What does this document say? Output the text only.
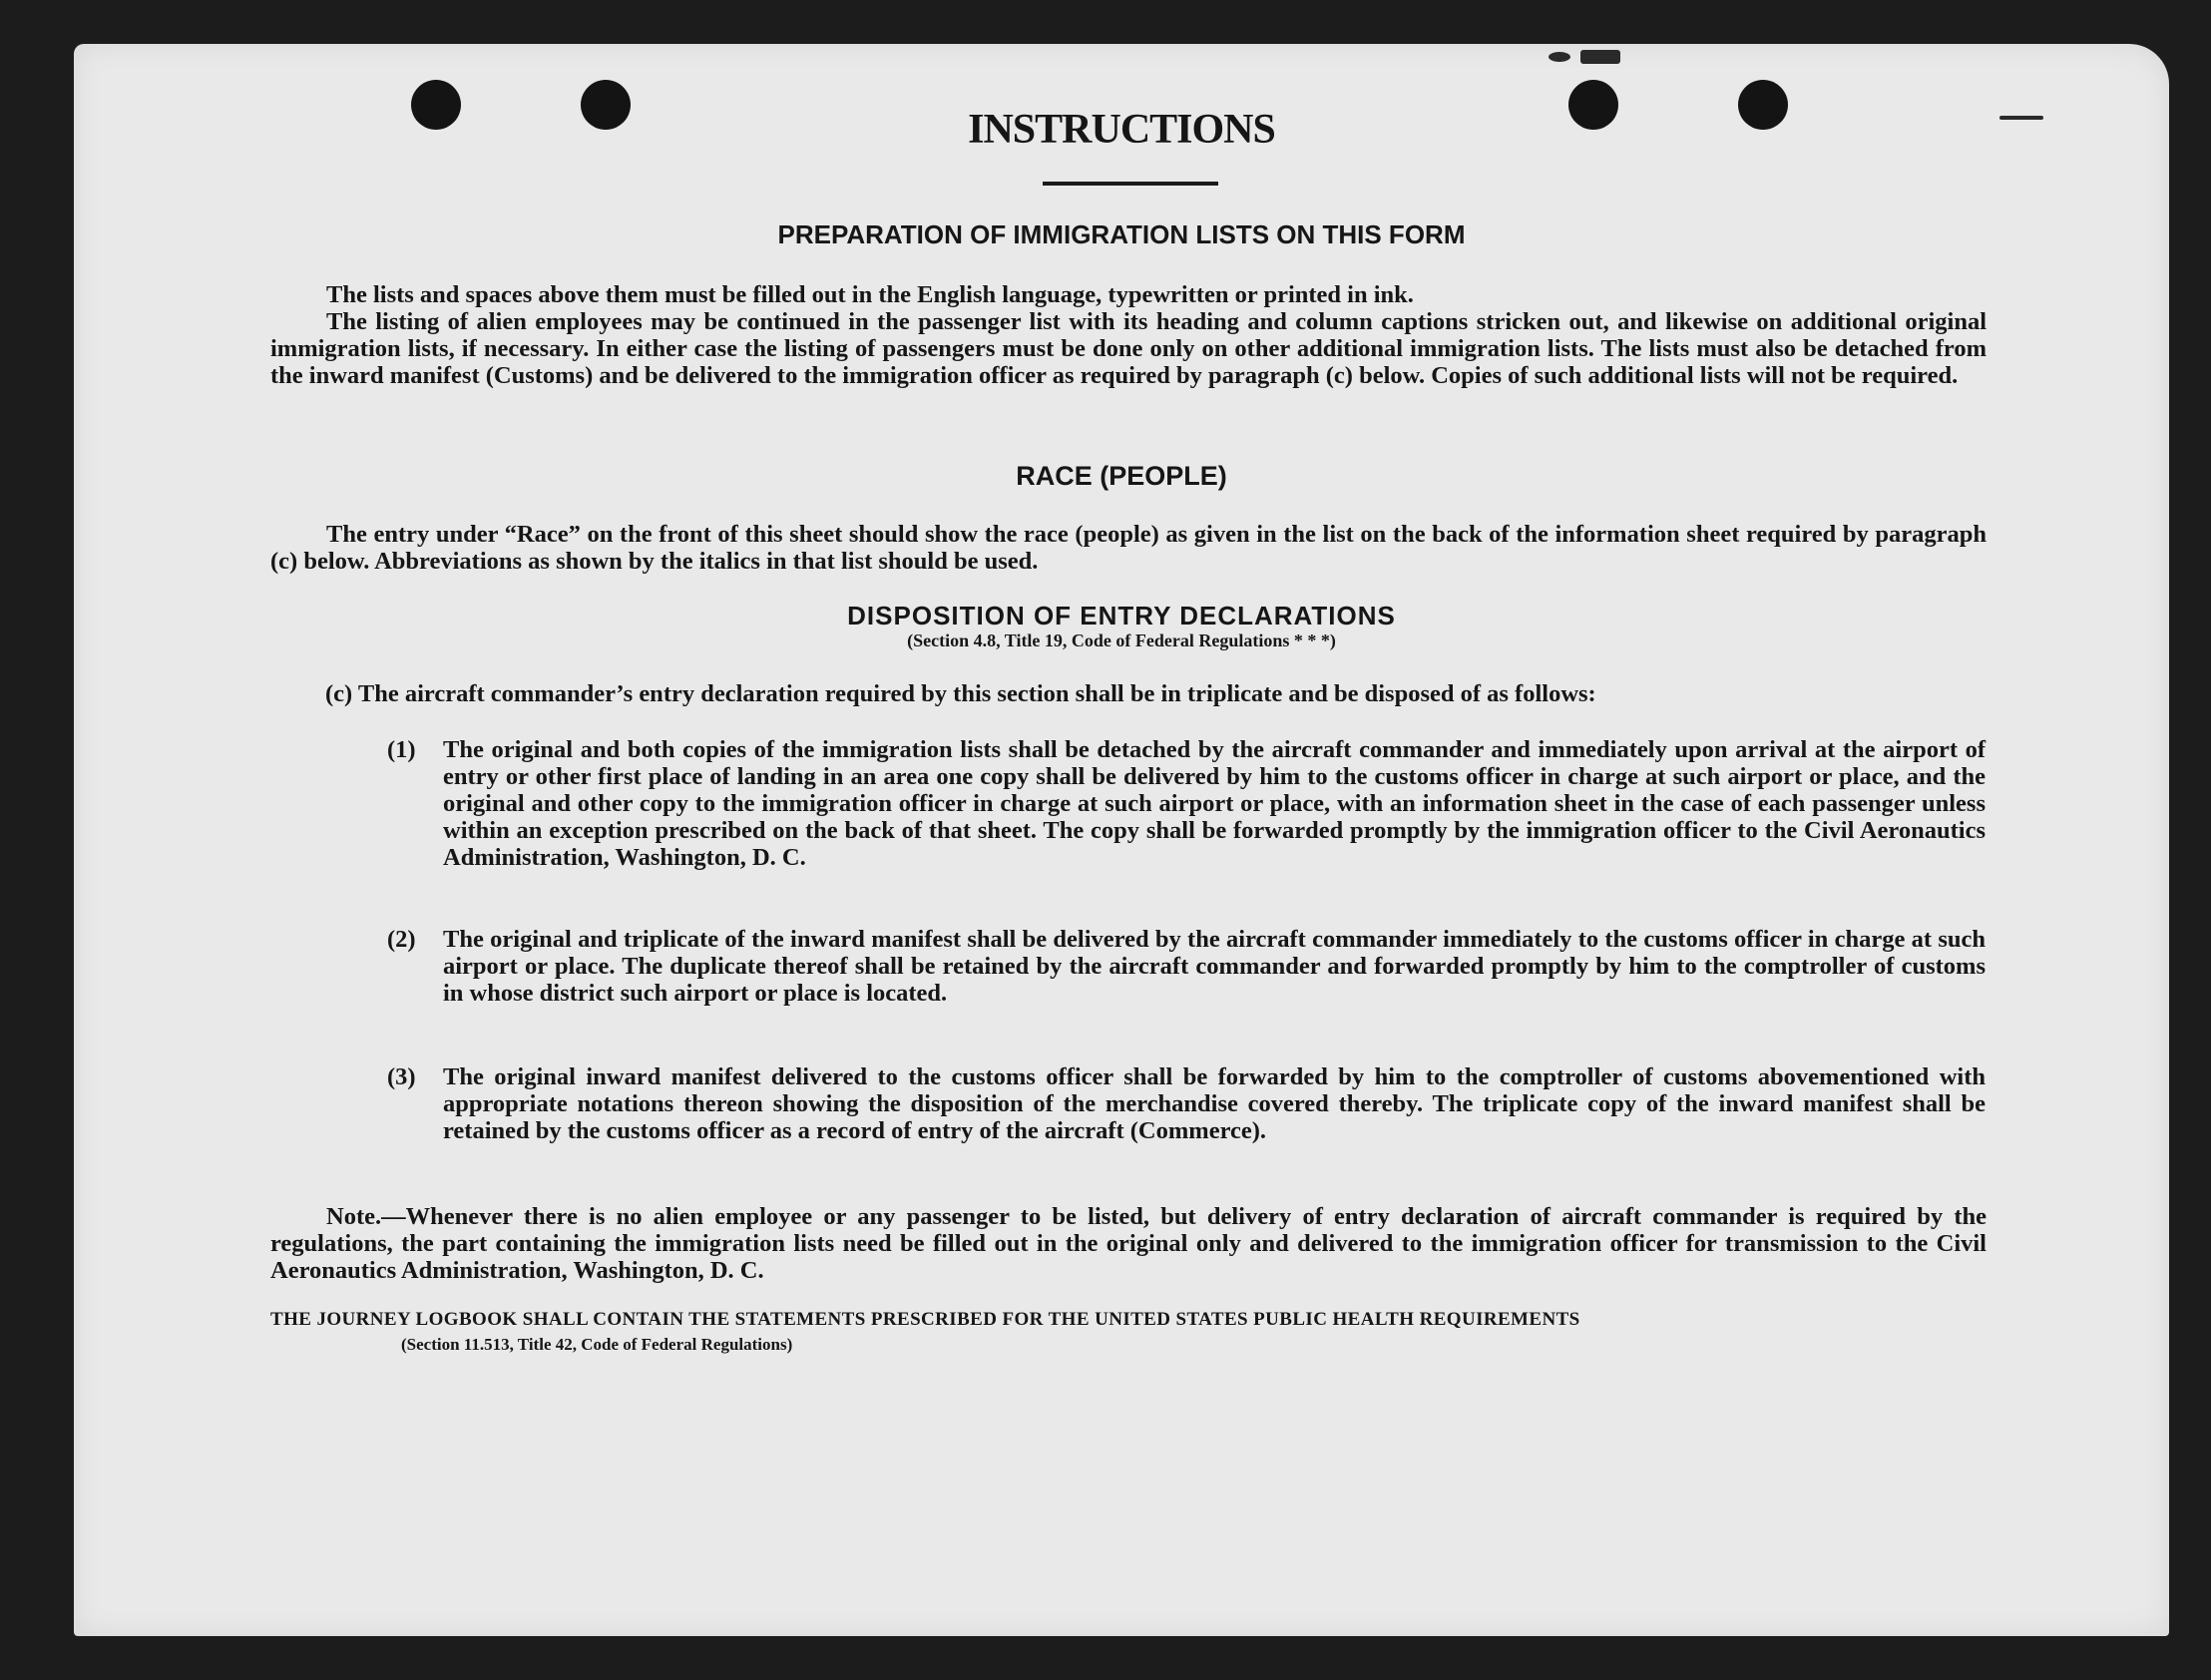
INSTRUCTIONS
PREPARATION OF IMMIGRATION LISTS ON THIS FORM
The lists and spaces above them must be filled out in the English language, typewritten or printed in ink.
The listing of alien employees may be continued in the passenger list with its heading and column captions stricken out, and likewise on additional original immigration lists, if necessary. In either case the listing of passengers must be done only on other additional immigration lists. The lists must also be detached from the inward manifest (Customs) and be delivered to the immigration officer as required by paragraph (c) below. Copies of such additional lists will not be required.
RACE (PEOPLE)
The entry under “Race” on the front of this sheet should show the race (people) as given in the list on the back of the information sheet required by paragraph (c) below. Abbreviations as shown by the italics in that list should be used.
DISPOSITION OF ENTRY DECLARATIONS
(Section 4.8, Title 19, Code of Federal Regulations * * *)
(c) The aircraft commander’s entry declaration required by this section shall be in triplicate and be disposed of as follows:
(1) The original and both copies of the immigration lists shall be detached by the aircraft commander and immediately upon arrival at the airport of entry or other first place of landing in an area one copy shall be delivered by him to the customs officer in charge at such airport or place, and the original and other copy to the immigration officer in charge at such airport or place, with an information sheet in the case of each passenger unless within an exception prescribed on the back of that sheet. The copy shall be forwarded promptly by the immigration officer to the Civil Aeronautics Administration, Washington, D. C.
(2) The original and triplicate of the inward manifest shall be delivered by the aircraft commander immediately to the customs officer in charge at such airport or place. The duplicate thereof shall be retained by the aircraft commander and forwarded promptly by him to the comptroller of customs in whose district such airport or place is located.
(3) The original inward manifest delivered to the customs officer shall be forwarded by him to the comptroller of customs abovementioned with appropriate notations thereon showing the disposition of the merchandise covered thereby. The triplicate copy of the inward manifest shall be retained by the customs officer as a record of entry of the aircraft (Commerce).
Note.—Whenever there is no alien employee or any passenger to be listed, but delivery of entry declaration of aircraft commander is required by the regulations, the part containing the immigration lists need be filled out in the original only and delivered to the immigration officer for transmission to the Civil Aeronautics Administration, Washington, D. C.
THE JOURNEY LOGBOOK SHALL CONTAIN THE STATEMENTS PRESCRIBED FOR THE UNITED STATES PUBLIC HEALTH REQUIREMENTS
(Section 11.513, Title 42, Code of Federal Regulations)
